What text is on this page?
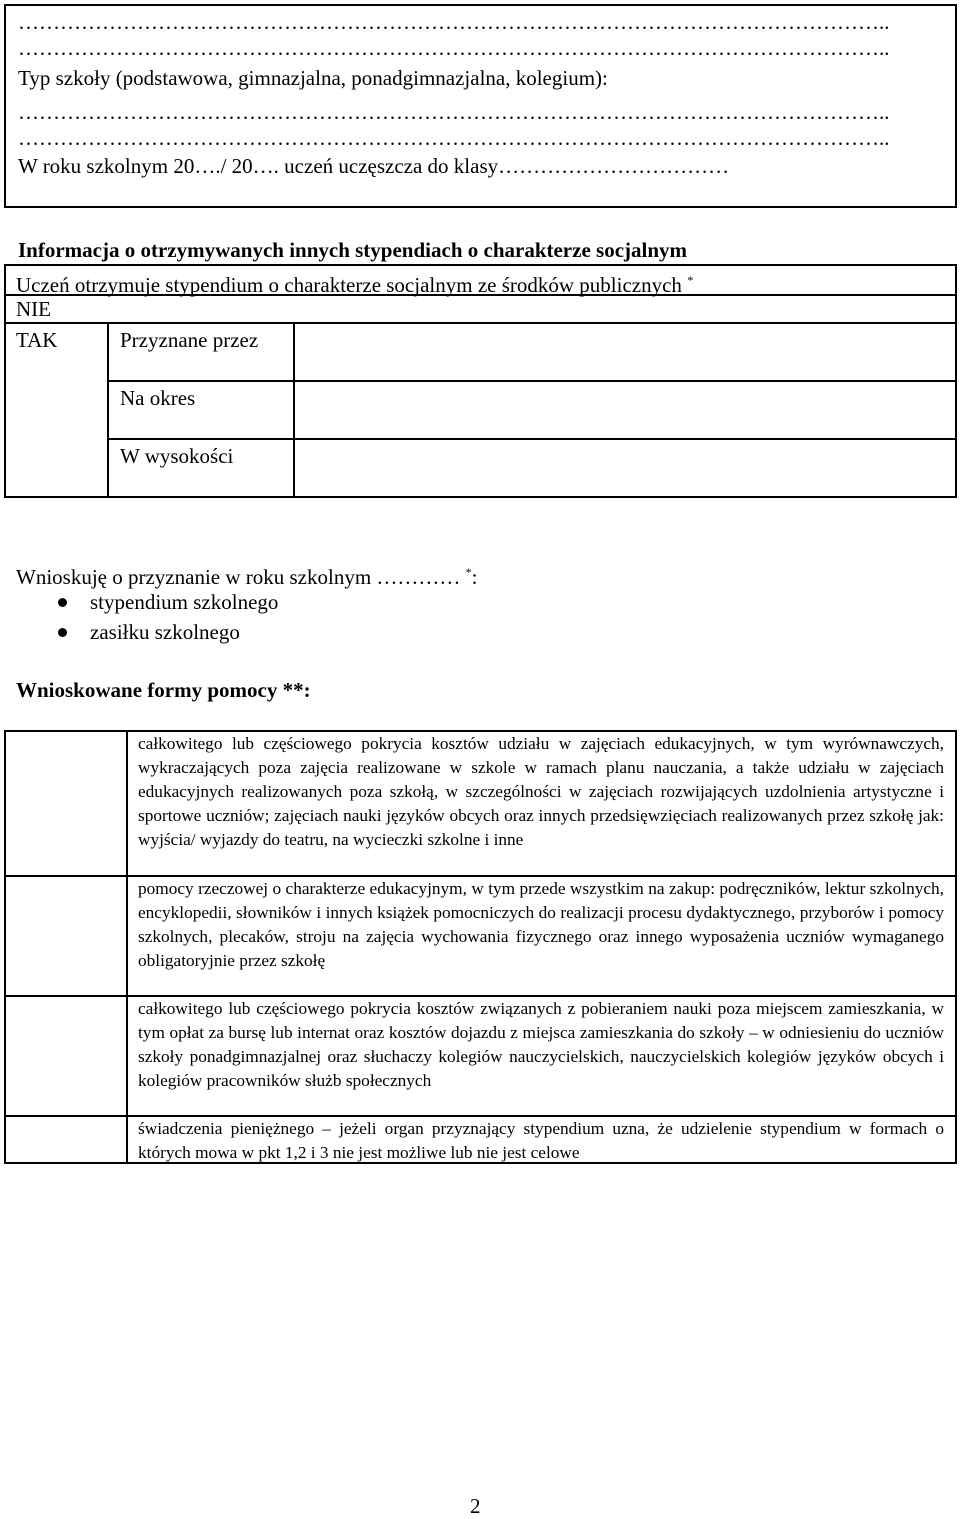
……………………………………………………………………………………………………………..
……………………………………………………………………………………………………………..
Typ szkoły (podstawowa, gimnazjalna, ponadgimnazjalna, kolegium):
……………………………………………………………………………………………………………..
……………………………………………………………………………………………………………..
W roku szkolnym 20…./ 20…. uczeń uczęszcza do klasy……………………………
Informacja o otrzymywanych innych stypendiach o charakterze socjalnym
Uczeń otrzymuje stypendium o charakterze socjalnym ze środków publicznych *
NIE
TAK	Przyznane przez
Na okres
W wysokości
Wnioskuję o przyznanie w roku szkolnym ………… *:
stypendium szkolnego
zasiłku szkolnego
Wnioskowane formy pomocy **:
całkowitego lub częściowego pokrycia kosztów udziału w zajęciach edukacyjnych, w tym wyrównawczych, wykraczających poza zajęcia realizowane w szkole w ramach planu nauczania, a także udziału w zajęciach edukacyjnych realizowanych poza szkołą, w szczególności w zajęciach rozwijających uzdolnienia artystyczne i sportowe uczniów; zajęciach nauki języków obcych oraz innych przedsięwzięciach realizowanych przez szkołę jak: wyjścia/ wyjazdy do teatru, na wycieczki szkolne i inne
pomocy rzeczowej o charakterze edukacyjnym, w tym przede wszystkim na zakup: podręczników, lektur szkolnych, encyklopedii, słowników i innych książek pomocniczych do realizacji procesu dydaktycznego, przyborów i pomocy szkolnych, plecaków, stroju na zajęcia wychowania fizycznego oraz innego wyposażenia uczniów wymaganego obligatoryjnie przez szkołę
całkowitego lub częściowego pokrycia kosztów związanych z pobieraniem nauki poza miejscem zamieszkania, w tym opłat za bursę lub internat oraz kosztów dojazdu z miejsca zamieszkania do szkoły – w odniesieniu do uczniów szkoły ponadgimnazjalnej oraz słuchaczy kolegiów nauczycielskich, nauczycielskich kolegiów języków obcych i kolegiów pracowników służb społecznych
świadczenia pieniężnego – jeżeli organ przyznający stypendium uzna, że udzielenie stypendium w formach o których mowa w pkt 1,2 i 3 nie jest możliwe lub nie jest celowe
2
